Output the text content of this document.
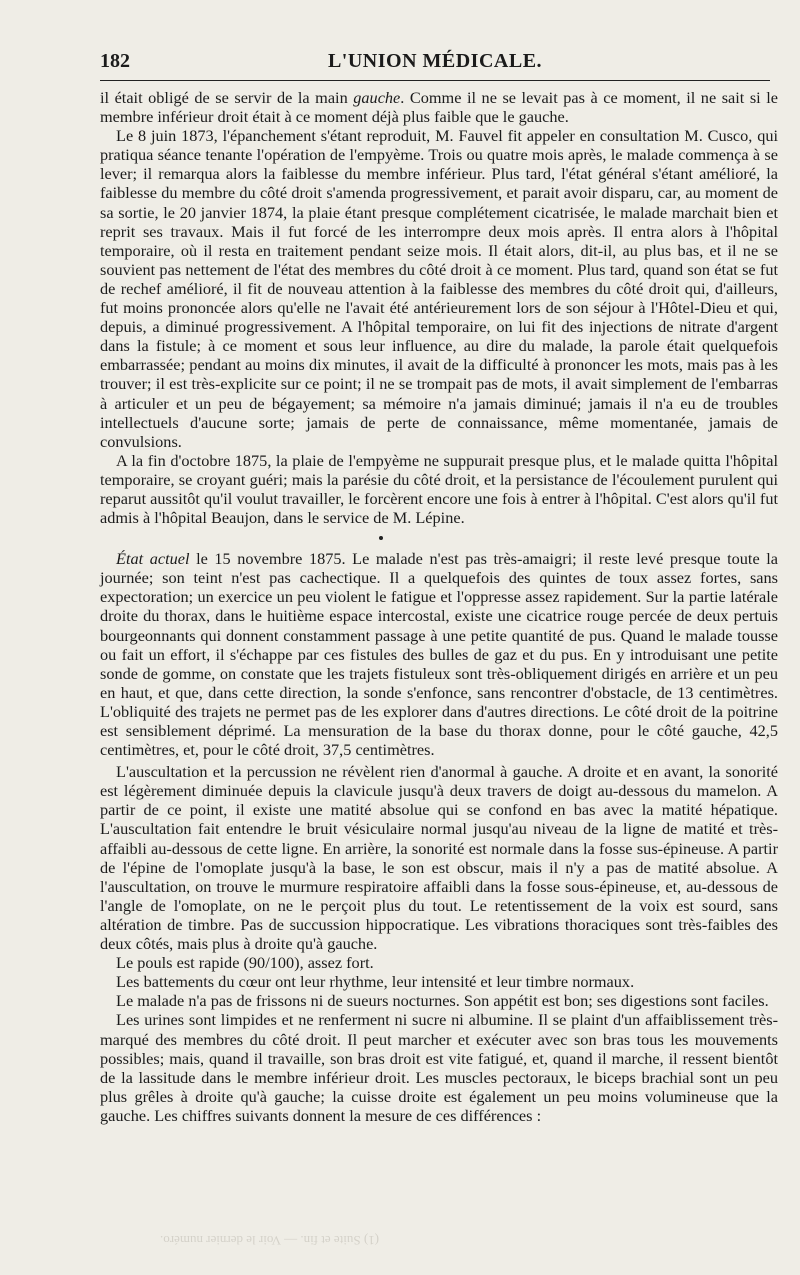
182	L'UNION MÉDICALE.

il était obligé de se servir de la main gauche. Comme il ne se levait pas à ce moment, il ne sait si le membre inférieur droit était à ce moment déjà plus faible que le gauche.

Le 8 juin 1873, l'épanchement s'étant reproduit, M. Fauvel fit appeler en consultation M. Cusco, qui pratiqua séance tenante l'opération de l'empyème. Trois ou quatre mois après, le malade commença à se lever; il remarqua alors la faiblesse du membre inférieur. Plus tard, l'état général s'étant amélioré, la faiblesse du membre du côté droit s'amenda progressivement, et parait avoir disparu, car, au moment de sa sortie, le 20 janvier 1874, la plaie étant presque complétement cicatrisée, le malade marchait bien et reprit ses travaux. Mais il fut forcé de les interrompre deux mois après. Il entra alors à l'hôpital temporaire, où il resta en traitement pendant seize mois. Il était alors, dit-il, au plus bas, et il ne se souvient pas nettement de l'état des membres du côté droit à ce moment. Plus tard, quand son état se fut de rechef amélioré, il fit de nouveau attention à la faiblesse des membres du côté droit qui, d'ailleurs, fut moins prononcée alors qu'elle ne l'avait été antérieurement lors de son séjour à l'Hôtel-Dieu et qui, depuis, a diminué progressivement. A l'hôpital temporaire, on lui fit des injections de nitrate d'argent dans la fistule; à ce moment et sous leur influence, au dire du malade, la parole était quelquefois embarrassée; pendant au moins dix minutes, il avait de la difficulté à prononcer les mots, mais pas à les trouver; il est très-explicite sur ce point; il ne se trompait pas de mots, il avait simplement de l'embarras à articuler et un peu de bégayement; sa mémoire n'a jamais diminué; jamais il n'a eu de troubles intellectuels d'aucune sorte; jamais de perte de connaissance, même momentanée, jamais de convulsions.

A la fin d'octobre 1875, la plaie de l'empyème ne suppurait presque plus, et le malade quitta l'hôpital temporaire, se croyant guéri; mais la parésie du côté droit, et la persistance de l'écoulement purulent qui reparut aussitôt qu'il voulut travailler, le forcèrent encore une fois à entrer à l'hôpital. C'est alors qu'il fut admis à l'hôpital Beaujon, dans le service de M. Lépine.

État actuel le 15 novembre 1875. Le malade n'est pas très-amaigri; il reste levé presque toute la journée; son teint n'est pas cachectique. Il a quelquefois des quintes de toux assez fortes, sans expectoration; un exercice un peu violent le fatigue et l'oppresse assez rapidement. Sur la partie latérale droite du thorax, dans le huitième espace intercostal, existe une cicatrice rouge percée de deux pertuis bourgeonnants qui donnent constamment passage à une petite quantité de pus. Quand le malade tousse ou fait un effort, il s'échappe par ces fistules des bulles de gaz et du pus. En y introduisant une petite sonde de gomme, on constate que les trajets fistuleux sont très-obliquement dirigés en arrière et un peu en haut, et que, dans cette direction, la sonde s'enfonce, sans rencontrer d'obstacle, de 13 centimètres. L'obliquité des trajets ne permet pas de les explorer dans d'autres directions. Le côté droit de la poitrine est sensiblement déprimé. La mensuration de la base du thorax donne, pour le côté gauche, 42,5 centimètres, et, pour le côté droit, 37,5 centimètres.

L'auscultation et la percussion ne révèlent rien d'anormal à gauche. A droite et en avant, la sonorité est légèrement diminuée depuis la clavicule jusqu'à deux travers de doigt au-dessous du mamelon. A partir de ce point, il existe une matité absolue qui se confond en bas avec la matité hépatique. L'auscultation fait entendre le bruit vésiculaire normal jusqu'au niveau de la ligne de matité et très-affaibli au-dessous de cette ligne. En arrière, la sonorité est normale dans la fosse sus-épineuse. A partir de l'épine de l'omoplate jusqu'à la base, le son est obscur, mais il n'y a pas de matité absolue. A l'auscultation, on trouve le murmure respiratoire affaibli dans la fosse sous-épineuse, et, au-dessous de l'angle de l'omoplate, on ne le perçoit plus du tout. Le retentissement de la voix est sourd, sans altération de timbre. Pas de succussion hippocratique. Les vibrations thoraciques sont très-faibles des deux côtés, mais plus à droite qu'à gauche.

Le pouls est rapide (90/100), assez fort.

Les battements du cœur ont leur rhythme, leur intensité et leur timbre normaux.

Le malade n'a pas de frissons ni de sueurs nocturnes. Son appétit est bon; ses digestions sont faciles.

Les urines sont limpides et ne renferment ni sucre ni albumine. Il se plaint d'un affaiblissement très-marqué des membres du côté droit. Il peut marcher et exécuter avec son bras tous les mouvements possibles; mais, quand il travaille, son bras droit est vite fatigué, et, quand il marche, il ressent bientôt de la lassitude dans le membre inférieur droit. Les muscles pectoraux, le biceps brachial sont un peu plus grêles à droite qu'à gauche; la cuisse droite est également un peu moins volumineuse que la gauche. Les chiffres suivants donnent la mesure de ces différences :

(1) Suite et fin. — Voir le dernier numéro.
